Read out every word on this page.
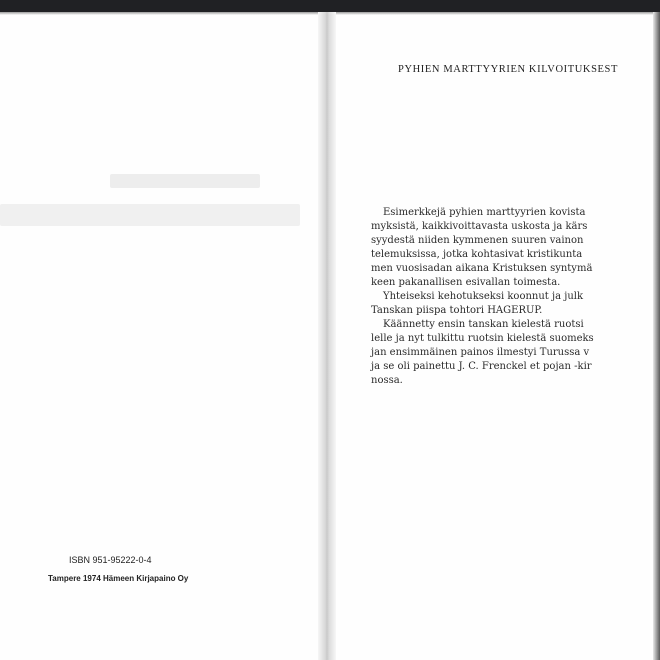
ISBN 951-95222-0-4

Tampere 1974 Hämeen Kirjapaino Oy

PYHIEN MARTTYYRIEN KILVOITUKSEST
Esimerkkejä pyhien marttyyrien kovista
myksistä, kaikkivoittavasta uskosta ja kärs
syydestä niiden kymmenen suuren vainon
telemuksissa, jotka kohtasivat kristikunta
men vuosisadan aikana Kristuksen syntymä
keen pakanallisen esivallan toimesta.
Yhteiseksi kehotukseksi koonnut ja julk
Tanskan piispa tohtori HAGERUP.
Käännetty ensin tanskan kielestä ruotsi
lelle ja nyt tulkittu ruotsin kielestä suomeks
jan ensimmäinen painos ilmestyi Turussa v
ja se oli painettu J. C. Frenckel et pojan -kir
nossa.
